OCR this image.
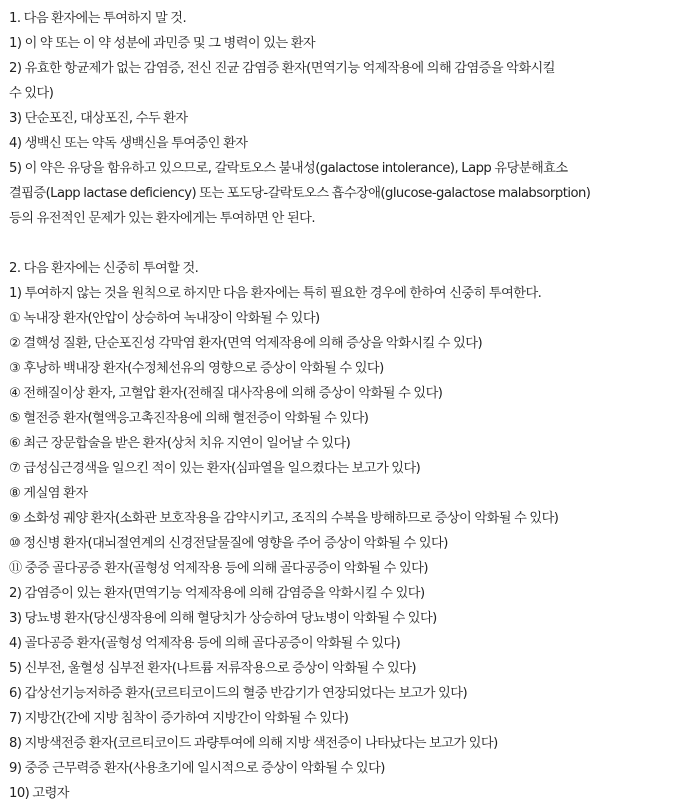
1. 다음 환자에는 투여하지 말 것.
1) 이 약 또는 이 약 성분에 과민증 및 그 병력이 있는 환자
2) 유효한 항균제가 없는 감염증, 전신 진균 감염증 환자(면역기능 억제작용에 의해 감염증을 악화시킬
수 있다)
3) 단순포진, 대상포진, 수두 환자
4) 생백신 또는 약독 생백신을 투여중인 환자
5) 이 약은 유당을 함유하고 있으므로, 갈락토오스 불내성(galactose intolerance), Lapp 유당분해효소
결핍증(Lapp lactase deficiency) 또는 포도당-갈락토오스 흡수장애(glucose-galactose malabsorption)
등의 유전적인 문제가 있는 환자에게는 투여하면 안 된다.
2. 다음 환자에는 신중히 투여할 것.
1) 투여하지 않는 것을 원칙으로 하지만 다음 환자에는 특히 필요한 경우에 한하여 신중히 투여한다.
① 녹내장 환자(안압이 상승하여 녹내장이 악화될 수 있다)
② 결핵성 질환, 단순포진성 각막염 환자(면역 억제작용에 의해 증상을 악화시킬 수 있다)
③ 후낭하 백내장 환자(수정체선유의 영향으로 증상이 악화될 수 있다)
④ 전해질이상 환자, 고혈압 환자(전해질 대사작용에 의해 증상이 악화될 수 있다)
⑤ 혈전증 환자(혈액응고촉진작용에 의해 혈전증이 악화될 수 있다)
⑥ 최근 장문합술을 받은 환자(상처 치유 지연이 일어날 수 있다)
⑦ 급성심근경색을 일으킨 적이 있는 환자(심파열을 일으켰다는 보고가 있다)
⑧ 게실염 환자
⑨ 소화성 궤양 환자(소화관 보호작용을 감약시키고, 조직의 수복을 방해하므로 증상이 악화될 수 있다)
⑩ 정신병 환자(대뇌절연계의 신경전달물질에 영향을 주어 증상이 악화될 수 있다)
⑪ 중증 골다공증 환자(골형성 억제작용 등에 의해 골다공증이 악화될 수 있다)
2) 감염증이 있는 환자(면역기능 억제작용에 의해 감염증을 악화시킬 수 있다)
3) 당뇨병 환자(당신생작용에 의해 혈당치가 상승하여 당뇨병이 악화될 수 있다)
4) 골다공증 환자(골형성 억제작용 등에 의해 골다공증이 악화될 수 있다)
5) 신부전, 울혈성 심부전 환자(나트륨 저류작용으로 증상이 악화될 수 있다)
6) 갑상선기능저하증 환자(코르티코이드의 혈중 반감기가 연장되었다는 보고가 있다)
7) 지방간(간에 지방 침착이 증가하여 지방간이 악화될 수 있다)
8) 지방색전증 환자(코르티코이드 과량투여에 의해 지방 색전증이 나타났다는 보고가 있다)
9) 중증 근무력증 환자(사용초기에 일시적으로 증상이 악화될 수 있다)
10) 고령자
